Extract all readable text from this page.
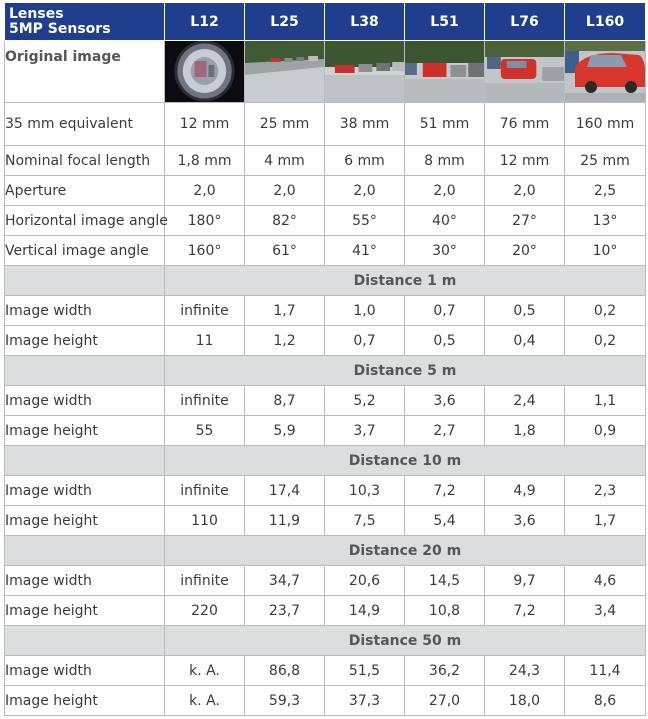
Lenses
5MP Sensors	L12	L25	L38	L51	L76	L160
Original image	

35 mm equivalent	12 mm	25 mm	38 mm	51 mm	76 mm	160 mm
Nominal focal length	1,8 mm	4 mm	6 mm	8 mm	12 mm	25 mm
Aperture	2,0	2,0	2,0	2,0	2,0	2,5
Horizontal image angle	180°	82°	55°	40°	27°	13°
Vertical image angle	160°	61°	41°	30°	20°	10°
	Distance 1 m					
Image width	infinite	1,7	1,0	0,7	0,5	0,2
Image height	11	1,2	0,7	0,5	0,4	0,2
	Distance 5 m					
Image width	infinite	8,7	5,2	3,6	2,4	1,1
Image height	55	5,9	3,7	2,7	1,8	0,9
	Distance 10 m					
Image width	infinite	17,4	10,3	7,2	4,9	2,3
Image height	110	11,9	7,5	5,4	3,6	1,7
	Distance 20 m					
Image width	infinite	34,7	20,6	14,5	9,7	4,6
Image height	220	23,7	14,9	10,8	7,2	3,4
	Distance 50 m					
Image width	k. A.	86,8	51,5	36,2	24,3	11,4
Image height	k. A.	59,3	37,3	27,0	18,0	8,6
